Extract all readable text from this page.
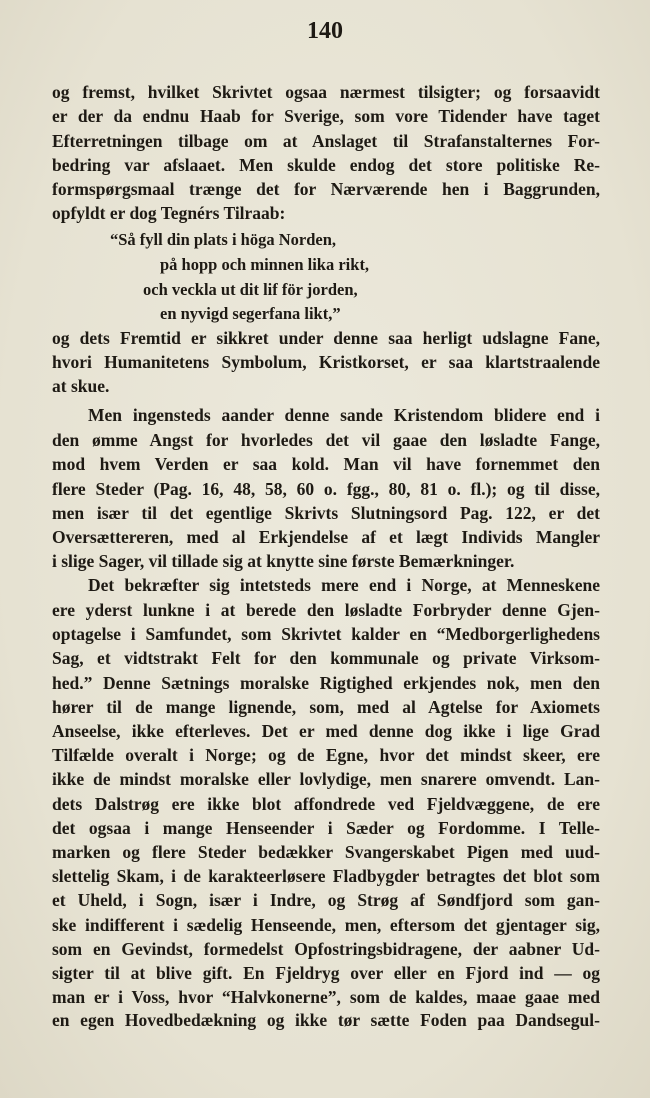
140
og fremst, hvilket Skrivtet ogsaa nærmest tilsigter; og forsaavidt
er der da endnu Haab for Sverige, som vore Tidender have taget
Efterretningen tilbage om at Anslaget til Strafanstalternes For-
bedring var afslaaet. Men skulde endog det store politiske Re-
formspørgsmaal trænge det for Nærværende hen i Baggrunden,
opfyldt er dog Tegnérs Tilraab:
“Så fyll din plats i höga Norden,
på hopp och minnen lika rikt,
och veckla ut dit lif för jorden,
en nyvigd segerfana likt,”
og dets Fremtid er sikkret under denne saa herligt udslagne Fane,
hvori Humanitetens Symbolum, Kristkorset, er saa klartstraalende
at skue.
Men ingensteds aander denne sande Kristendom blidere end i
den ømme Angst for hvorledes det vil gaae den løsladte Fange,
mod hvem Verden er saa kold. Man vil have fornemmet den
flere Steder (Pag. 16, 48, 58, 60 o. fgg., 80, 81 o. fl.); og til disse,
men især til det egentlige Skrivts Slutningsord Pag. 122, er det
Oversættereren, med al Erkjendelse af et lægt Individs Mangler
i slige Sager, vil tillade sig at knytte sine første Bemærkninger.
Det bekræfter sig intetsteds mere end i Norge, at Menneskene
ere yderst lunkne i at berede den løsladte Forbryder denne Gjen-
optagelse i Samfundet, som Skrivtet kalder en “Medborgerlighedens
Sag, et vidtstrakt Felt for den kommunale og private Virksom-
hed.” Denne Sætnings moralske Rigtighed erkjendes nok, men den
hører til de mange lignende, som, med al Agtelse for Axiomets
Anseelse, ikke efterleves. Det er med denne dog ikke i lige Grad
Tilfælde overalt i Norge; og de Egne, hvor det mindst skeer, ere
ikke de mindst moralske eller lovlydige, men snarere omvendt. Lan-
dets Dalstrøg ere ikke blot affondrede ved Fjeldvæggene, de ere
det ogsaa i mange Henseender i Sæder og Fordomme. I Telle-
marken og flere Steder bedækker Svangerskabet Pigen med uud-
slettelig Skam, i de karakteerløsere Fladbygder betragtes det blot som
et Uheld, i Sogn, især i Indre, og Strøg af Søndfjord som gan-
ske indifferent i sædelig Henseende, men, eftersom det gjentager sig,
som en Gevindst, formedelst Opfostringsbidragene, der aabner Ud-
sigter til at blive gift. En Fjeldryg over eller en Fjord ind — og
man er i Voss, hvor “Halvkonerne”, som de kaldes, maae gaae med
en egen Hovedbedækning og ikke tør sætte Foden paa Dandsegul-
